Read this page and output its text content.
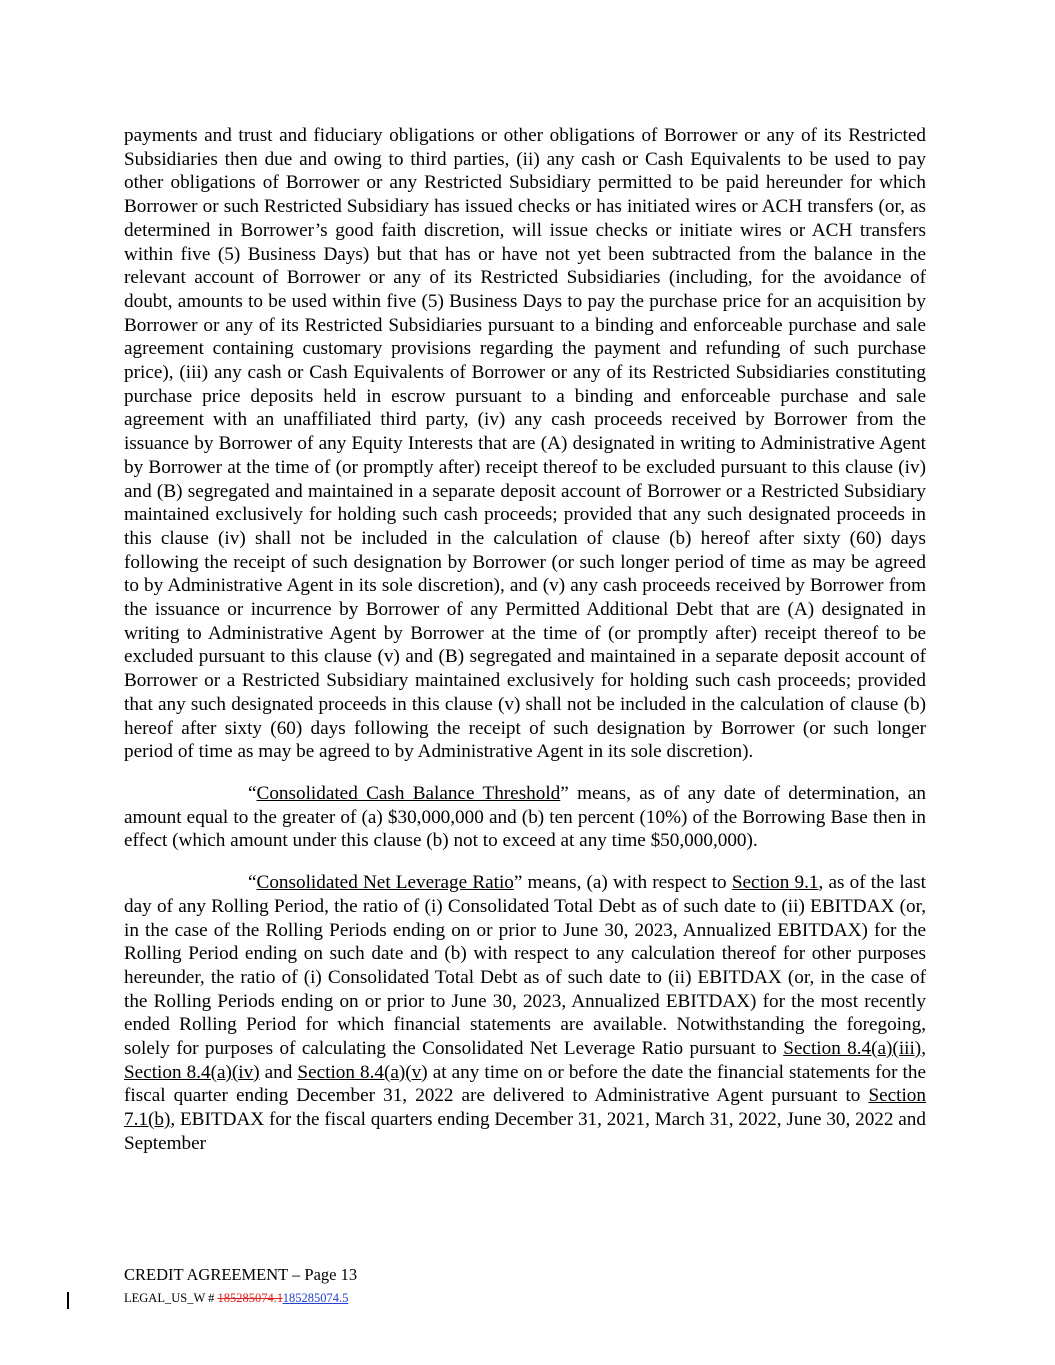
payments and trust and fiduciary obligations or other obligations of Borrower or any of its Restricted Subsidiaries then due and owing to third parties, (ii) any cash or Cash Equivalents to be used to pay other obligations of Borrower or any Restricted Subsidiary permitted to be paid hereunder for which Borrower or such Restricted Subsidiary has issued checks or has initiated wires or ACH transfers (or, as determined in Borrower’s good faith discretion, will issue checks or initiate wires or ACH transfers within five (5) Business Days) but that has or have not yet been subtracted from the balance in the relevant account of Borrower or any of its Restricted Subsidiaries (including, for the avoidance of doubt, amounts to be used within five (5) Business Days to pay the purchase price for an acquisition by Borrower or any of its Restricted Subsidiaries pursuant to a binding and enforceable purchase and sale agreement containing customary provisions regarding the payment and refunding of such purchase price), (iii) any cash or Cash Equivalents of Borrower or any of its Restricted Subsidiaries constituting purchase price deposits held in escrow pursuant to a binding and enforceable purchase and sale agreement with an unaffiliated third party, (iv) any cash proceeds received by Borrower from the issuance by Borrower of any Equity Interests that are (A) designated in writing to Administrative Agent by Borrower at the time of (or promptly after) receipt thereof to be excluded pursuant to this clause (iv) and (B) segregated and maintained in a separate deposit account of Borrower or a Restricted Subsidiary maintained exclusively for holding such cash proceeds; provided that any such designated proceeds in this clause (iv) shall not be included in the calculation of clause (b) hereof after sixty (60) days following the receipt of such designation by Borrower (or such longer period of time as may be agreed to by Administrative Agent in its sole discretion), and (v) any cash proceeds received by Borrower from the issuance or incurrence by Borrower of any Permitted Additional Debt that are (A) designated in writing to Administrative Agent by Borrower at the time of (or promptly after) receipt thereof to be excluded pursuant to this clause (v) and (B) segregated and maintained in a separate deposit account of Borrower or a Restricted Subsidiary maintained exclusively for holding such cash proceeds; provided that any such designated proceeds in this clause (v) shall not be included in the calculation of clause (b) hereof after sixty (60) days following the receipt of such designation by Borrower (or such longer period of time as may be agreed to by Administrative Agent in its sole discretion).

“Consolidated Cash Balance Threshold” means, as of any date of determination, an amount equal to the greater of (a) $30,000,000 and (b) ten percent (10%) of the Borrowing Base then in effect (which amount under this clause (b) not to exceed at any time $50,000,000).

“Consolidated Net Leverage Ratio” means, (a) with respect to Section 9.1, as of the last day of any Rolling Period, the ratio of (i) Consolidated Total Debt as of such date to (ii) EBITDAX (or, in the case of the Rolling Periods ending on or prior to June 30, 2023, Annualized EBITDAX) for the Rolling Period ending on such date and (b) with respect to any calculation thereof for other purposes hereunder, the ratio of (i) Consolidated Total Debt as of such date to (ii) EBITDAX (or, in the case of the Rolling Periods ending on or prior to June 30, 2023, Annualized EBITDAX) for the most recently ended Rolling Period for which financial statements are available. Notwithstanding the foregoing, solely for purposes of calculating the Consolidated Net Leverage Ratio pursuant to Section 8.4(a)(iii), Section 8.4(a)(iv) and Section 8.4(a)(v) at any time on or before the date the financial statements for the fiscal quarter ending December 31, 2022 are delivered to Administrative Agent pursuant to Section 7.1(b), EBITDAX for the fiscal quarters ending December 31, 2021, March 31, 2022, June 30, 2022 and September

CREDIT AGREEMENT – Page 13
LEGAL_US_W # 185285074.1185285074.5
